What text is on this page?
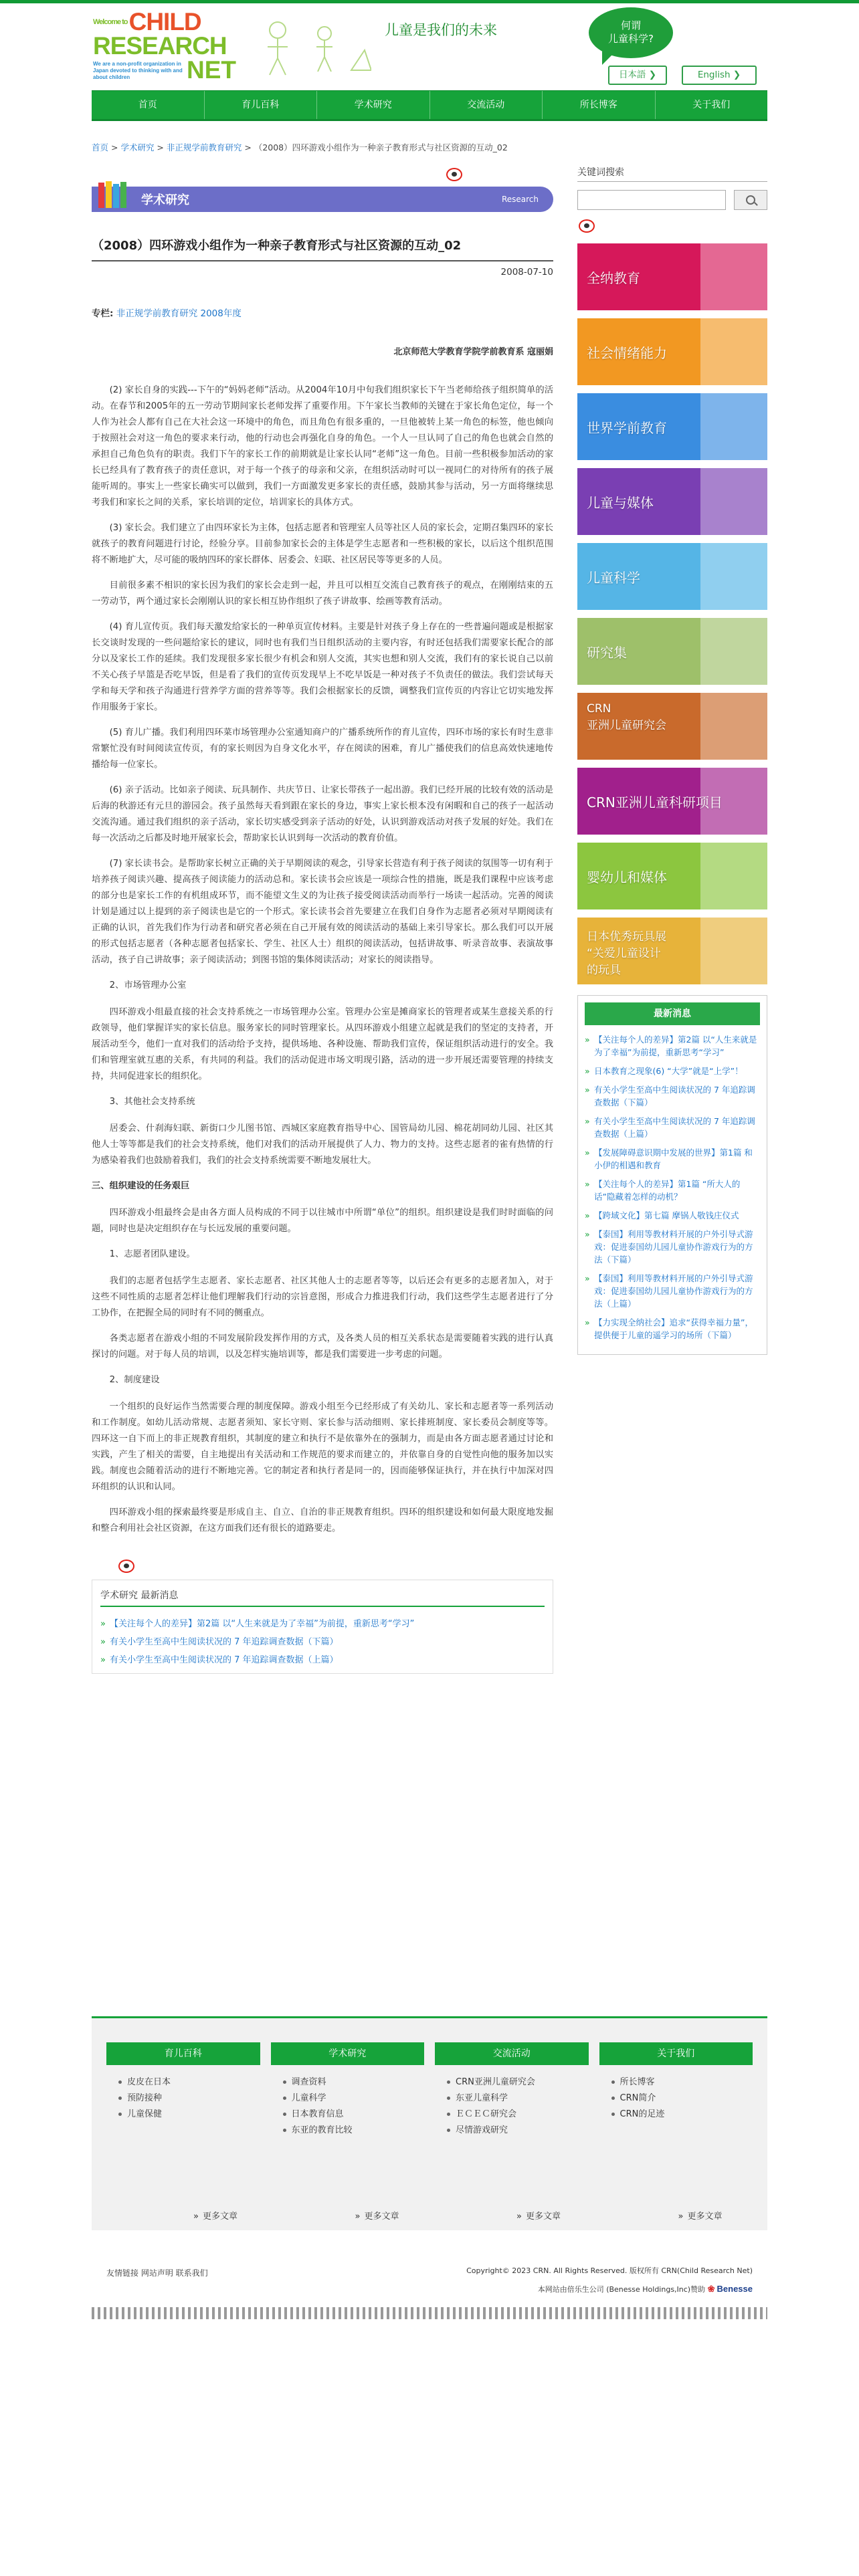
$^{Welcome to}$ CHILD
RESEARCH
We are a non-profit organization in Japan devoted to thinking with and about children	NET
儿童是我们的未来	何谓
儿童科学?
日本語 ❯	English ❯
首页	育儿百科	学术研究	交流活动	所长博客	关于我们
首页 > 学术研究 > 非正规学前教育研究 > （2008）四环游戏小组作为一种亲子教育形式与社区资源的互动_02
学术研究	Research
（2008）四环游戏小组作为一种亲子教育形式与社区资源的互动_02
2008-07-10
专栏: 非正规学前教育研究 2008年度
北京师范大学教育学院学前教育系 寇丽娟

(2) 家长自身的实践---下午的“妈妈老师”活动。从2004年10月中旬我们组织家长下午当老师给孩子组织简单的活动。在春节和2005年的五一劳动节期间家长老师发挥了重要作用。下午家长当教师的关键在于家长角色定位，每一个人作为社会人都有自己在大社会这一环境中的角色，而且角色有很多重的，一旦他被转上某一角色的标签，他也倾向于按照社会对这一角色的要求来行动，他的行动也会再强化自身的角色。一个人一旦认同了自己的角色也就会自然的承担自己角色负有的职责。我们下午的家长工作的前期就是让家长认同“老师”这一角色。目前一些积极参加活动的家长已经具有了教育孩子的责任意识，对于每一个孩子的母亲和父亲，在组织活动时可以一视同仁的对待所有的孩子展能听周的。事实上一些家长确实可以做到，我们一方面激发更多家长的责任感，鼓励其参与活动，另一方面将继续思考我们和家长之间的关系，家长培训的定位，培训家长的具体方式。

(3) 家长会。我们建立了由四环家长为主体，包括志愿者和管理室人员等社区人员的家长会，定期召集四环的家长就孩子的教育问题进行讨论，经验分享。目前参加家长会的主体是学生志愿者和一些积极的家长，以后这个组织范围将不断地扩大，尽可能的吸纳四环的家长群体、居委会、妇联、社区居民等等更多的人员。

目前很多素不相识的家长因为我们的家长会走到一起，并且可以相互交流自己教育孩子的观点，在刚刚结束的五一劳动节，两个通过家长会刚刚认识的家长相互协作组织了孩子讲故事、绘画等教育活动。

(4) 育儿宣传页。我们每天激发给家长的一种单页宣传材料。主要是针对孩子身上存在的一些普遍问题或是根据家长交谈时发现的一些问题给家长的建议，同时也有我们当日组织活动的主要内容，有时还包括我们需要家长配合的部分以及家长工作的延续。我们发现很多家长很少有机会和别人交流，其实也想和别人交流，我们有的家长说自己以前不关心孩子早篮是否吃早饭，但是看了我们的宣传页发现早上不吃早饭是一种对孩子不负责任的做法。我们尝试每天学和每天学和孩子沟通进行营养学方面的营养等等。我们会根据家长的反馈，调整我们宣传页的内容让它切实地发挥作用服务于家长。

(5) 育儿广播。我们利用四环菜市场管理办公室通知商户的广播系统所作的育儿宣传，四环市场的家长有时生意非常繁忙没有时间阅读宣传页，有的家长则因为自身文化水平，存在阅读的困难，育儿广播使我们的信息高效快速地传播给每一位家长。

(6) 亲子活动。比如亲子阅读、玩具制作、共庆节日、让家长带孩子一起出游。我们已经开展的比较有效的活动是后海的秋游还有元旦的游园会。孩子虽然每天看到跟在家长的身边，事实上家长根本没有闲暇和自己的孩子一起活动交流沟通。通过我们组织的亲子活动，家长切实感受到亲子活动的好处，认识到游戏活动对孩子发展的好处。我们在每一次活动之后都及时地开展家长会，帮助家长认识到每一次活动的教育价值。

(7) 家长读书会。是帮助家长树立正确的关于早期阅读的观念，引导家长营造有利于孩子阅读的氛围等一切有利于培养孩子阅读兴趣、提高孩子阅读能力的活动总和。家长读书会应该是一项综合性的措施，既是我们课程中应该考虑的部分也是家长工作的有机组成环节，而不能望文生义的为让孩子接受阅读活动而举行一场读一起活动。完善的阅读计划是通过以上提到的亲子阅读也是它的一个形式。家长读书会首先要建立在我们自身作为志愿者必须对早期阅读有正确的认识，首先我们作为行动者和研究者必须在自己开展有效的阅读活动的基础上来引导家长。那么我们可以开展的形式包括志愿者（各种志愿者包括家长、学生、社区人士）组织的阅读活动，包括讲故事、听录音故事、表演故事活动，孩子自己讲故事；亲子阅读活动；到图书馆的集体阅读活动；对家长的阅读指导。

2、市场管理办公室

四环游戏小组最直接的社会支持系统之一市场管理办公室。管理办公室是摊商家长的管理者或某生意接关系的行政领导，他们掌握详实的家长信息。服务家长的同时管理家长。从四环游戏小组建立起就是我们的坚定的支持者，开展活动至今，他们一直对我们的活动给予支持，提供场地、各种设施、帮助我们宣传，保证组织活动进行的安全。我们和管理室就互惠的关系，有共同的利益。我们的活动促进市场文明现引路，活动的进一步开展还需要管理的持续支持，共同促进家长的组织化。

3、其他社会支持系统

居委会、什刹海妇联、新街口少儿图书馆、西城区家庭教育指导中心、国管局幼儿园、棉花胡同幼儿园、社区其他人士等等都是我们的社会支持系统，他们对我们的活动开展提供了人力、物力的支持。这些志愿者的雀有热情的行为感染着我们也鼓励着我们，我们的社会支持系统需要不断地发展壮大。

三、组织建设的任务艰巨

四环游戏小组最终会是由各方面人员构成的不同于以往城市中所谓“单位”的组织。组织建设是我们时时面临的问题，同时也是决定组织存在与长远发展的重要问题。

1、志愿者团队建设。

我们的志愿者包括学生志愿者、家长志愿者、社区其他人士的志愿者等等，以后还会有更多的志愿者加入，对于这些不同性质的志愿者怎样让他们理解我们行动的宗旨意图，形成合力推进我们行动，我们这些学生志愿者进行了分工协作，在把握全局的同时有不同的侧重点。

各类志愿者在游戏小组的不同发展阶段发挥作用的方式，及各类人员的相互关系状态是需要随着实践的进行认真探讨的问题。对于每人员的培训，以及怎样实施培训等，都是我们需要进一步考虑的问题。

2、制度建设

一个组织的良好运作当然需要合理的制度保障。游戏小组至今已经形成了有关幼儿、家长和志愿者等一系列活动和工作制度。如幼儿活动常规、志愿者须知、家长守则、家长参与活动细则、家长排班制度、家长委员会制度等等。四环这一自下而上的非正规教育组织，其制度的建立和执行不是依靠外在的强制力，而是由各方面志愿者通过讨论和实践，产生了相关的需要，自主地提出有关活动和工作规范的要求而建立的，并依靠自身的自觉性向他的服务加以实践。制度也会随着活动的进行不断地完善。它的制定者和执行者是同一的，因而能够保证执行，并在执行中加深对四环组织的认识和认同。

四环游戏小组的探索最终要是形成自主、自立、自治的非正规教育组织。四环的组织建设和如何最大限度地发掘和整合利用社会社区资源，在这方面我们还有很长的道路要走。

学术研究 最新消息
» 【关注每个人的差异】第2篇 以“人生来就是为了幸福”为前提，重新思考“学习”
» 有关小学生至高中生阅读状况的 7 年追踪调查数据（下篇）
» 有关小学生至高中生阅读状况的 7 年追踪调查数据（上篇）
关键词搜索
全纳教育
社会情绪能力
世界学前教育
儿童与媒体
儿童科学
研究集
CRN
亚洲儿童研究会
CRN亚洲儿童科研项目
婴幼儿和媒体
日本优秀玩具展
“关爱儿童设计
的玩具
最新消息
» 【关注每个人的差异】第2篇 以“人生来就是为了幸福”为前提，重新思考“学习”
» 日本教育之现象(6) “大学”就是“上学”！
» 有关小学生至高中生阅读状况的 7 年追踪调查数据（下篇）
» 有关小学生至高中生阅读状况的 7 年追踪调查数据（上篇）
» 【发展障碍意识期中发展的世界】第1篇 和小伊的相遇和教育
» 【关注每个人的差异】第1篇 “所大人的话”隐藏着怎样的动机？
» 【跨域文化】第七篇 摩锅人敬钱庄仪式
» 【泰国】利用等教材料开展的户外引导式游戏：促进泰国幼儿园儿童协作游戏行为的方法（下篇）
» 【泰国】利用等教材料开展的户外引导式游戏：促进泰国幼儿园儿童协作游戏行为的方法（上篇）
» 【力实现全纳社会】追求“获得幸福力量”，提供便于儿童的遥学习的场所（下篇）
育儿百科
皮皮在日本
预防接种
儿童保健
学术研究
调查资料
儿童科学
日本教育信息
东亚的教育比较
交流活动
CRN亚洲儿童研究会
东亚儿童科学
ＥＣＥＣ研究会
尽情游戏研究
关于我们
所长博客
CRN简介
CRN的足迹
» 更多文章	» 更多文章	» 更多文章	» 更多文章
友情链接 网站声明 联系我们	Copyright© 2023 CRN. All Rights Reserved. 版权所有 CRN(Child Research Net)
本网站由倍乐生公司 (Benesse Holdings,Inc)赞助 ❀ Benesse
